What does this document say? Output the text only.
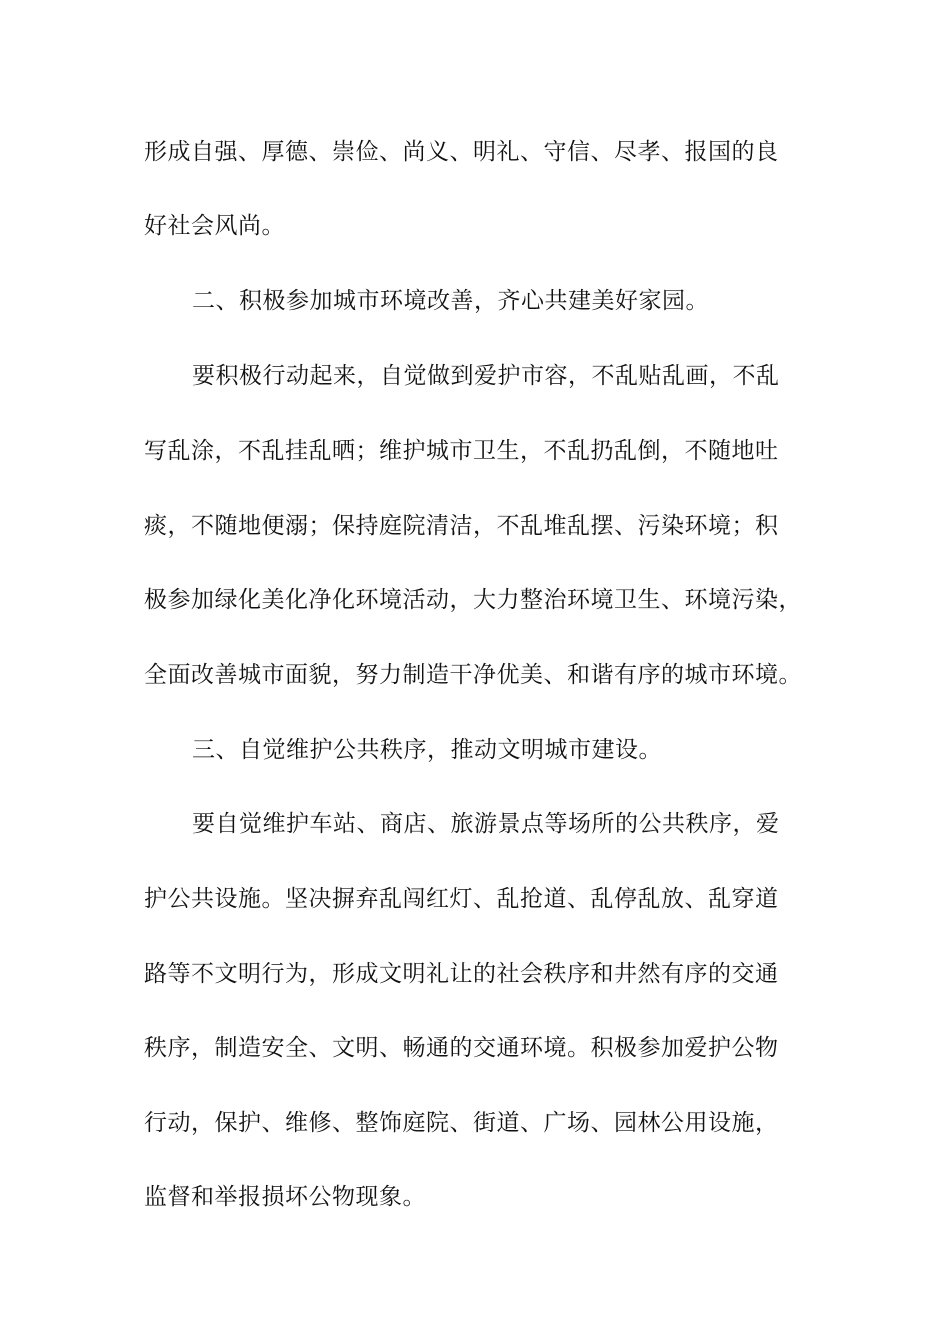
形成自强、厚德、崇俭、尚义、明礼、守信、尽孝、报国的良
好社会风尚。
二、积极参加城市环境改善，齐心共建美好家园。
要积极行动起来，自觉做到爱护市容，不乱贴乱画，不乱
写乱涂，不乱挂乱晒；维护城市卫生，不乱扔乱倒，不随地吐
痰，不随地便溺；保持庭院清洁，不乱堆乱摆、污染环境；积
极参加绿化美化净化环境活动，大力整治环境卫生、环境污染，
全面改善城市面貌，努力制造干净优美、和谐有序的城市环境。
三、自觉维护公共秩序，推动文明城市建设。
要自觉维护车站、商店、旅游景点等场所的公共秩序，爱
护公共设施。坚决摒弃乱闯红灯、乱抢道、乱停乱放、乱穿道
路等不文明行为，形成文明礼让的社会秩序和井然有序的交通
秩序，制造安全、文明、畅通的交通环境。积极参加爱护公物
行动，保护、维修、整饰庭院、街道、广场、园林公用设施，
监督和举报损坏公物现象。
